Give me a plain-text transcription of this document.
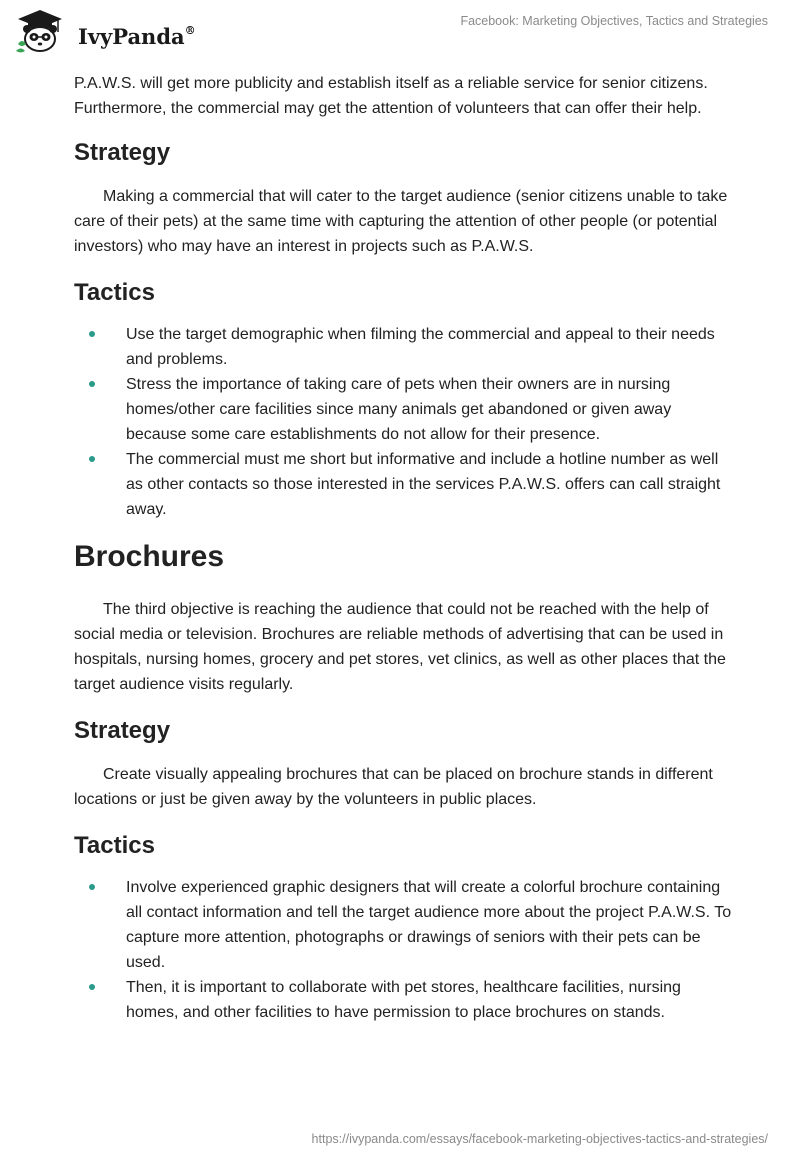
IvyPanda®
Facebook: Marketing Objectives, Tactics and Strategies

P.A.W.S. will get more publicity and establish itself as a reliable service for senior citizens. Furthermore, the commercial may get the attention of volunteers that can offer their help.

Strategy

Making a commercial that will cater to the target audience (senior citizens unable to take care of their pets) at the same time with capturing the attention of other people (or potential investors) who may have an interest in projects such as P.A.W.S.

Tactics
Use the target demographic when filming the commercial and appeal to their needs and problems.
Stress the importance of taking care of pets when their owners are in nursing homes/other care facilities since many animals get abandoned or given away because some care establishments do not allow for their presence.
The commercial must me short but informative and include a hotline number as well as other contacts so those interested in the services P.A.W.S. offers can call straight away.
Brochures

The third objective is reaching the audience that could not be reached with the help of social media or television. Brochures are reliable methods of advertising that can be used in hospitals, nursing homes, grocery and pet stores, vet clinics, as well as other places that the target audience visits regularly.

Strategy

Create visually appealing brochures that can be placed on brochure stands in different locations or just be given away by the volunteers in public places.

Tactics
Involve experienced graphic designers that will create a colorful brochure containing all contact information and tell the target audience more about the project P.A.W.S. To capture more attention, photographs or drawings of seniors with their pets can be used.
Then, it is important to collaborate with pet stores, healthcare facilities, nursing homes, and other facilities to have permission to place brochures on stands.
https://ivypanda.com/essays/facebook-marketing-objectives-tactics-and-strategies/
